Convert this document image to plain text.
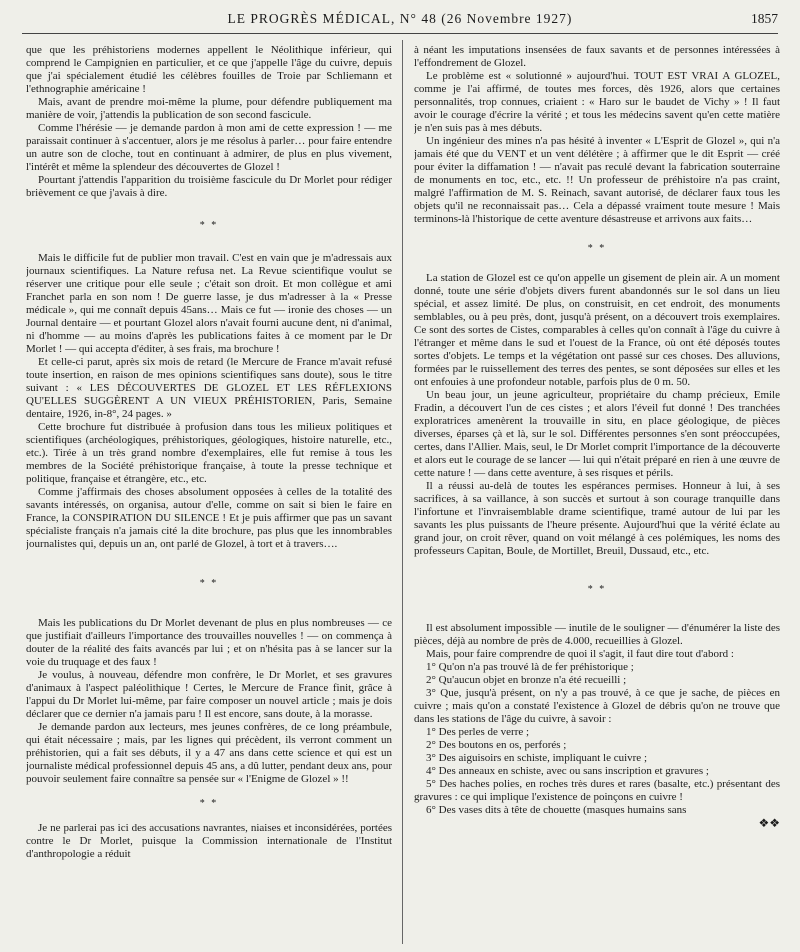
LE PROGRÈS MÉDICAL, N° 48 (26 Novembre 1927)	1857

que que les préhistoriens modernes appellent le Néolithique inférieur, qui comprend le Campignien en particulier, et ce que j'appelle l'âge du cuivre, depuis que j'ai spécialement étudié les célèbres fouilles de Troie par Schliemann et l'ethnographie américaine !

Mais, avant de prendre moi-même la plume, pour défendre publiquement ma manière de voir, j'attendis la publication de son second fascicule.

Comme l'hérésie — je demande pardon à mon ami de cette expression ! — me paraissait continuer à s'accentuer, alors je me résolus à parler… pour faire entendre un autre son de cloche, tout en continuant à admirer, de plus en plus vivement, l'intérêt et même la splendeur des découvertes de Glozel !

Pourtant j'attendis l'apparition du troisième fascicule du Dr Morlet pour rédiger brièvement ce que j'avais à dire.

* *

Mais le difficile fut de publier mon travail. C'est en vain que je m'adressais aux journaux scientifiques. La Nature refusa net. La Revue scientifique voulut se réserver une critique pour elle seule ; c'était son droit. Et mon collègue et ami Franchet parla en son nom ! De guerre lasse, je dus m'adresser à la « Presse médicale », qui me connaît depuis 45ans… Mais ce fut — ironie des choses — un Journal dentaire — et pourtant Glozel alors n'avait fourni aucune dent, ni d'animal, ni d'homme — au moins d'après les publications faites à ce moment par le Dr Morlet ! — qui accepta d'éditer, à ses frais, ma brochure !

Et celle-ci parut, après six mois de retard (le Mercure de France m'avait refusé toute insertion, en raison de mes opinions scientifiques sans doute), sous le titre suivant : « LES DÉCOUVERTES DE GLOZEL ET LES RÉFLEXIONS QU'ELLES SUGGÈRENT A UN VIEUX PRÉHISTORIEN, Paris, Semaine dentaire, 1926, in-8°, 24 pages. »

Cette brochure fut distribuée à profusion dans tous les milieux politiques et scientifiques (archéologiques, préhistoriques, géologiques, histoire naturelle, etc., etc.). Tirée à un très grand nombre d'exemplaires, elle fut remise à tous les membres de la Société préhistorique française, à toute la presse technique et politique, française et étrangère, etc., etc.

Comme j'affirmais des choses absolument opposées à celles de la totalité des savants intéressés, on organisa, autour d'elle, comme on sait si bien le faire en France, la CONSPIRATION DU SILENCE ! Et je puis affirmer que pas un savant spécialiste français n'a jamais cité la dite brochure, pas plus que les innombrables journalistes qui, depuis un an, ont parlé de Glozel, à tort et à travers….

* *

Mais les publications du Dr Morlet devenant de plus en plus nombreuses — ce que justifiait d'ailleurs l'importance des trouvailles nouvelles ! — on commença à douter de la réalité des faits avancés par lui ; et on n'hésita pas à se lancer sur la voie du truquage et des faux !

Je voulus, à nouveau, défendre mon confrère, le Dr Morlet, et ses gravures d'animaux à l'aspect paléolithique ! Certes, le Mercure de France finit, grâce à l'appui du Dr Morlet lui-même, par faire composer un nouvel article ; mais je dois déclarer que ce dernier n'a jamais paru ! Il est encore, sans doute, à la morasse.

Je demande pardon aux lecteurs, mes jeunes confrères, de ce long préambule, qui était nécessaire ; mais, par les lignes qui précèdent, ils verront comment un préhistorien, qui a fait ses débuts, il y a 47 ans dans cette science et qui est un journaliste médical professionnel depuis 45 ans, a dû lutter, pendant deux ans, pour pouvoir seulement faire connaître sa pensée sur « l'Enigme de Glozel » !!

* *

Je ne parlerai pas ici des accusations navrantes, niaises et inconsidérées, portées contre le Dr Morlet, puisque la Commission internationale de l'Institut d'anthropologie a réduit

à néant les imputations insensées de faux savants et de personnes intéressées à l'effondrement de Glozel.

Le problème est « solutionné » aujourd'hui. TOUT EST VRAI A GLOZEL, comme je l'ai affirmé, de toutes mes forces, dès 1926, alors que certaines personnalités, trop connues, criaient : « Haro sur le baudet de Vichy » ! Il faut avoir le courage d'écrire la vérité ; et tous les médecins savent qu'en cette matière je n'en suis pas à mes débuts.

Un ingénieur des mines n'a pas hésité à inventer « L'Esprit de Glozel », qui n'a jamais été que du VENT et un vent délétère ; à affirmer que le dit Esprit — créé pour éviter la diffamation ! — n'avait pas reculé devant la fabrication souterraine de monuments en toc, etc., etc. !! Un professeur de préhistoire n'a pas craint, malgré l'affirmation de M. S. Reinach, savant autorisé, de déclarer faux tous les objets qu'il ne reconnaissait pas… Cela a dépassé vraiment toute mesure ! Mais terminons-là l'historique de cette aventure désastreuse et arrivons aux faits…

* *

La station de Glozel est ce qu'on appelle un gisement de plein air. A un moment donné, toute une série d'objets divers furent abandonnés sur le sol dans un lieu spécial, et assez limité. De plus, on construisit, en cet endroit, des monuments semblables, ou à peu près, dont, jusqu'à présent, on a découvert trois exemplaires. Ce sont des sortes de Cistes, comparables à celles qu'on connaît à l'âge du cuivre à l'étranger et même dans le sud et l'ouest de la France, où ont été déposés toutes sortes d'objets. Le temps et la végétation ont passé sur ces choses. Des alluvions, formées par le ruissellement des terres des pentes, se sont déposées sur elles et les ont enfouies à une profondeur notable, parfois plus de 0 m. 50.

Un beau jour, un jeune agriculteur, propriétaire du champ précieux, Emile Fradin, a découvert l'un de ces cistes ; et alors l'éveil fut donné ! Des tranchées exploratrices amenèrent la trouvaille in situ, en place géologique, de pièces diverses, éparses çà et là, sur le sol. Différentes personnes s'en sont préoccupées, certes, dans l'Allier. Mais, seul, le Dr Morlet comprit l'importance de la découverte et alors eut le courage de se lancer — lui qui n'était préparé en rien à une œuvre de cette nature ! — dans cette aventure, à ses risques et périls.

Il a réussi au-delà de toutes les espérances permises. Honneur à lui, à ses sacrifices, à sa vaillance, à son succès et surtout à son courage tranquille dans l'infortune et l'invraisemblable drame scientifique, tramé autour de lui par les savants les plus puissants de l'heure présente. Aujourd'hui que la vérité éclate au grand jour, on croit rêver, quand on voit mélangé à ces polémiques, les noms des professeurs Capitan, Boule, de Mortillet, Breuil, Dussaud, etc., etc.

* *

Il est absolument impossible — inutile de le souligner — d'énumérer la liste des pièces, déjà au nombre de près de 4.000, recueillies à Glozel.

Mais, pour faire comprendre de quoi il s'agit, il faut dire tout d'abord :

1° Qu'on n'a pas trouvé là de fer préhistorique ;

2° Qu'aucun objet en bronze n'a été recueilli ;

3° Que, jusqu'à présent, on n'y a pas trouvé, à ce que je sache, de pièces en cuivre ; mais qu'on a constaté l'existence à Glozel de débris qu'on ne trouve que dans les stations de l'âge du cuivre, à savoir :

1° Des perles de verre ;

2° Des boutons en os, perforés ;

3° Des aiguisoirs en schiste, impliquant le cuivre ;

4° Des anneaux en schiste, avec ou sans inscription et gravures ;

5° Des haches polies, en roches très dures et rares (basalte, etc.) présentant des gravures : ce qui implique l'existence de poinçons en cuivre !

6° Des vases dits à tête de chouette (masques humains sans

❖❖
